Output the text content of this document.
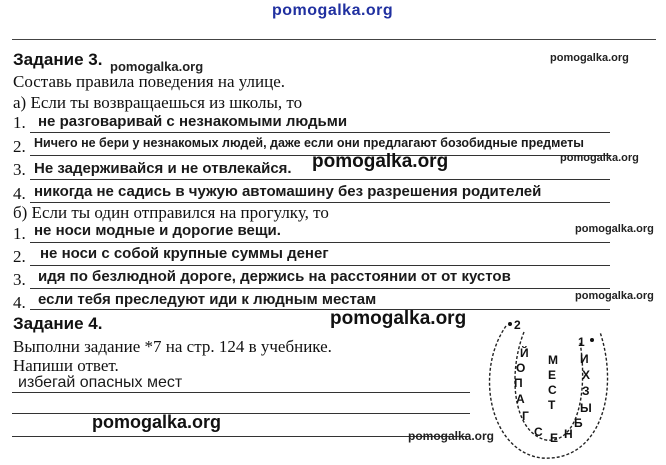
pomogalka.org
Задание 3. pomogalka.org
pomogalka.org
Составь правила поведения на улице.
а) Если ты возвращаешься из школы, то
1. не разговаривай с незнакомыми людьми
2. Ничего не бери у незнакомых людей, даже если они предлагают бозобидные предметы
pomogalka.org
3. Не задерживайся и не отвлекайся. pomogalka.org
4. никогда не садись в чужую автомашину без разрешения родителей
б) Если ты один отправился на прогулку, то
pomogalka.org
1. не носи модные и дорогие вещи.
2. не носи с собой крупные суммы денег
3. идя по безлюдной дороге, держись на расстоянии от от кустов
4. если тебя преследуют иди к людным местам	pomogalka.org
Задание 4.	pomogalka.org
Выполни задание *7 на стр. 124 в учебнике.
Напиши ответ.
избегай опасных мест
pomogalka.org
pomogalka.org
2
1
Й
О
П
А
Г
М
Е
С
Т
И
Х
З
Ы
Б
С Е Н
